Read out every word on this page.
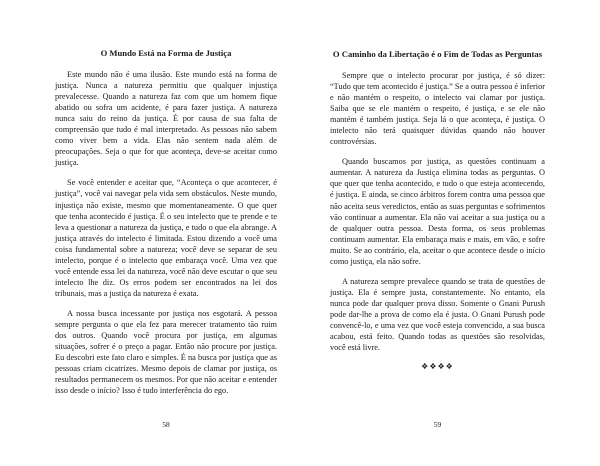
O Mundo Está na Forma de Justiça

Este mundo não é uma ilusão. Este mundo está na forma de justiça. Nunca a natureza permitiu que qualquer injustiça prevalecesse. Quando a natureza faz com que um homem fique abatido ou sofra um acidente, é para fazer justiça. A natureza nunca saiu do reino da justiça. É por causa de sua falta de compreensão que tudo é mal interpretado. As pessoas não sabem como viver bem a vida. Elas não sentem nada além de preocupações. Seja o que for que aconteça, deve-se aceitar como justiça.

Se você entender e aceitar que, “Aconteça o que acontecer, é justiça”, você vai navegar pela vida sem obstáculos. Neste mundo, injustiça não existe, mesmo que momentaneamente. O que quer que tenha acontecido é justiça. É o seu intelecto que te prende e te leva a questionar a natureza da justiça, e tudo o que ela abrange. A justiça através do intelecto é limitada. Estou dizendo a você uma coisa fundamental sobre a natureza; você deve se separar de seu intelecto, porque é o intelecto que embaraça você. Uma vez que você entende essa lei da natureza, você não deve escutar o que seu intelecto lhe diz. Os erros podem ser encontrados na lei dos tribunais, mas a justiça da natureza é exata.

A nossa busca incessante por justiça nos esgotará. A pessoa sempre pergunta o que ela fez para merecer tratamento tão ruim dos outros. Quando você procura por justiça, em algumas situações, sofrer é o preço a pagar. Então não procure por justiça. Eu descobri este fato claro e simples. É na busca por justiça que as pessoas criam cicatrizes. Mesmo depois de clamar por justiça, os resultados permanecem os mesmos. Por que não aceitar e entender isso desde o início? Isso é tudo interferência do ego.

58
O Caminho da Libertação é o Fim de Todas as Perguntas

Sempre que o intelecto procurar por justiça, é só dizer: “Tudo que tem acontecido é justiça.” Se a outra pessoa é inferior e não mantém o respeito, o intelecto vai clamar por justiça. Saiba que se ele mantém o respeito, é justiça, e se ele não mantém é também justiça. Seja lá o que aconteça, é justiça. O intelecto não terá quaisquer dúvidas quando não houver controvérsias.

Quando buscamos por justiça, as questões continuam a aumentar. A natureza da Justiça elimina todas as perguntas. O que quer que tenha acontecido, e tudo o que esteja acontecendo, é justiça. E ainda, se cinco árbitros forem contra uma pessoa que não aceita seus veredictos, então as suas perguntas e sofrimentos vão continuar a aumentar. Ela não vai aceitar a sua justiça ou a de qualquer outra pessoa. Desta forma, os seus problemas continuam aumentar. Ela embaraça mais e mais, em vão, e sofre muito. Se ao contrário, ela, aceitar o que acontece desde o início como justiça, ela não sofre.

A natureza sempre prevalece quando se trata de questões de justiça. Ela é sempre justa, constantemente. No entanto, ela nunca pode dar qualquer prova disso. Somente o Gnani Purush pode dar-lhe a prova de como ela é justa. O Gnani Purush pode convencê-lo, e uma vez que você esteja convencido, a sua busca acabou, está feito. Quando todas as questões são resolvidas, você está livre.

❖❖❖❖
59
